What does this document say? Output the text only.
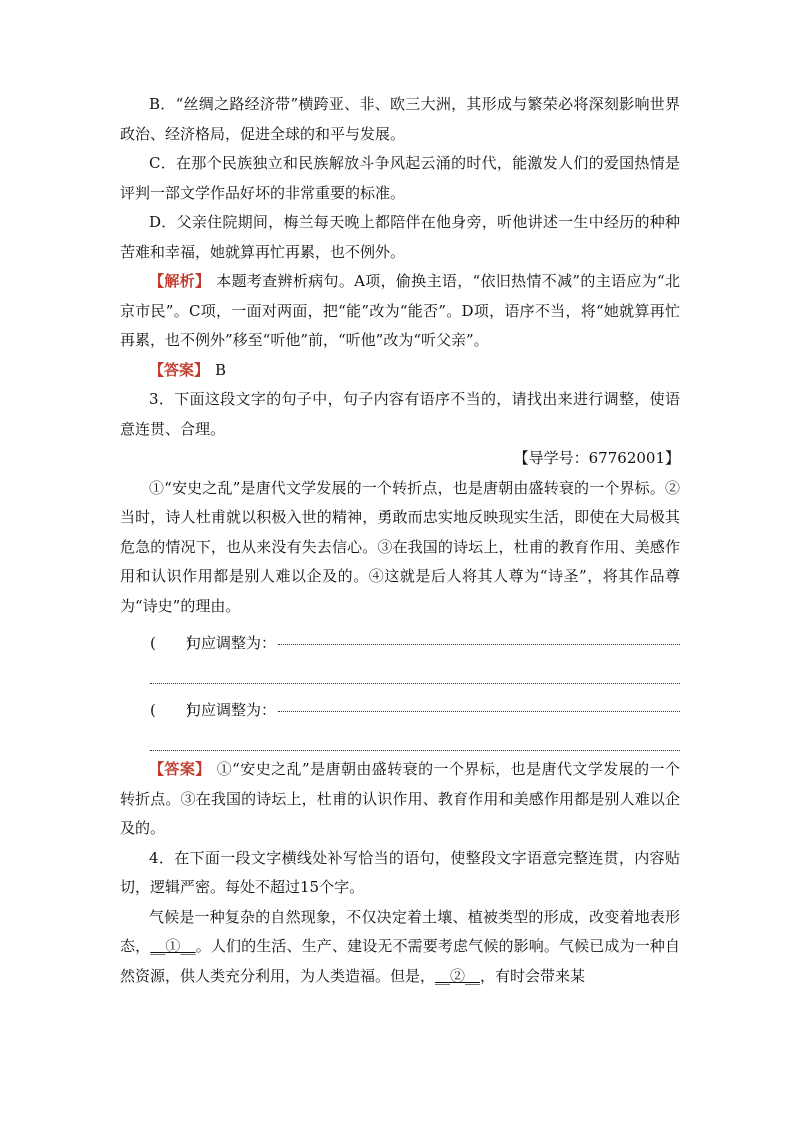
B．“丝绸之路经济带”横跨亚、非、欧三大洲，其形成与繁荣必将深刻影响世界政治、经济格局，促进全球的和平与发展。

C．在那个民族独立和民族解放斗争风起云涌的时代，能激发人们的爱国热情是评判一部文学作品好坏的非常重要的标准。

D．父亲住院期间，梅兰每天晚上都陪伴在他身旁，听他讲述一生中经历的种种苦难和幸福，她就算再忙再累，也不例外。

【解析】 本题考查辨析病句。A项，偷换主语，“依旧热情不减”的主语应为“北京市民”。C项，一面对两面，把“能”改为“能否”。D项，语序不当，将“她就算再忙再累，也不例外”移至“听他”前，“听他”改为“听父亲”。

【答案】 B

3．下面这段文字的句子中，句子内容有语序不当的，请找出来进行调整，使语意连贯、合理。

【导学号：67762001】

①“安史之乱”是唐代文学发展的一个转折点，也是唐朝由盛转衰的一个界标。②当时，诗人杜甫就以积极入世的精神，勇敢而忠实地反映现实生活，即使在大局极其危急的情况下，也从来没有失去信心。③在我国的诗坛上，杜甫的教育作用、美感作用和认识作用都是别人难以企及的。④这就是后人将其人尊为“诗圣”，将其作品尊为“诗史”的理由。

(　　)
句应调整为：
(　　)
句应调整为：

【答案】 ①“安史之乱”是唐朝由盛转衰的一个界标，也是唐代文学发展的一个转折点。③在我国的诗坛上，杜甫的认识作用、教育作用和美感作用都是别人难以企及的。

4．在下面一段文字横线处补写恰当的语句，使整段文字语意完整连贯，内容贴切，逻辑严密。每处不超过15个字。

气候是一种复杂的自然现象，不仅决定着土壤、植被类型的形成，改变着地表形态，__①__。人们的生活、生产、建设无不需要考虑气候的影响。气候已成为一种自然资源，供人类充分利用，为人类造福。但是，__②__，有时会带来某
